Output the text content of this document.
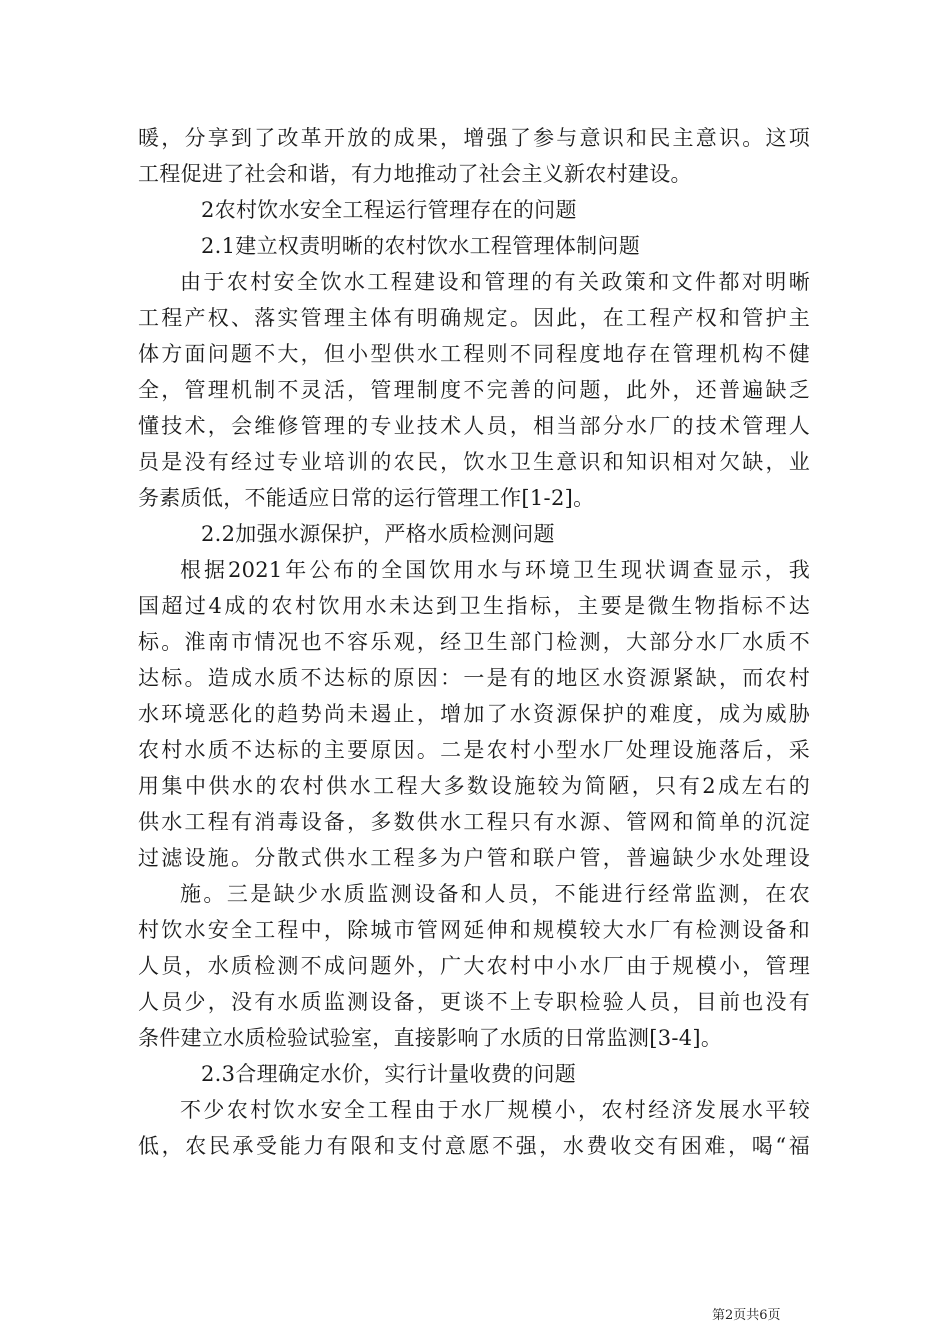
暖，分享到了改革开放的成果，增强了参与意识和民主意识。这项
工程促进了社会和谐，有力地推动了社会主义新农村建设。
2农村饮水安全工程运行管理存在的问题
2.1建立权责明晰的农村饮水工程管理体制问题
由于农村安全饮水工程建设和管理的有关政策和文件都对明晰
工程产权、落实管理主体有明确规定。因此，在工程产权和管护主
体方面问题不大，但小型供水工程则不同程度地存在管理机构不健
全，管理机制不灵活，管理制度不完善的问题，此外，还普遍缺乏
懂技术，会维修管理的专业技术人员，相当部分水厂的技术管理人
员是没有经过专业培训的农民，饮水卫生意识和知识相对欠缺，业
务素质低，不能适应日常的运行管理工作[1-2]。
2.2加强水源保护，严格水质检测问题
根据2021年公布的全国饮用水与环境卫生现状调查显示，我
国超过4成的农村饮用水未达到卫生指标，主要是微生物指标不达
标。淮南市情况也不容乐观，经卫生部门检测，大部分水厂水质不
达标。造成水质不达标的原因：一是有的地区水资源紧缺，而农村
水环境恶化的趋势尚未遏止，增加了水资源保护的难度，成为威胁
农村水质不达标的主要原因。二是农村小型水厂处理设施落后，采
用集中供水的农村供水工程大多数设施较为简陋，只有2成左右的
供水工程有消毒设备，多数供水工程只有水源、管网和简单的沉淀
过滤设施。分散式供水工程多为户管和联户管，普遍缺少水处理设
施。三是缺少水质监测设备和人员，不能进行经常监测，在农
村饮水安全工程中，除城市管网延伸和规模较大水厂有检测设备和
人员，水质检测不成问题外，广大农村中小水厂由于规模小，管理
人员少，没有水质监测设备，更谈不上专职检验人员，目前也没有
条件建立水质检验试验室，直接影响了水质的日常监测[3-4]。
2.3合理确定水价，实行计量收费的问题
不少农村饮水安全工程由于水厂规模小，农村经济发展水平较
低，农民承受能力有限和支付意愿不强，水费收交有困难，喝“福
第2页共6页
